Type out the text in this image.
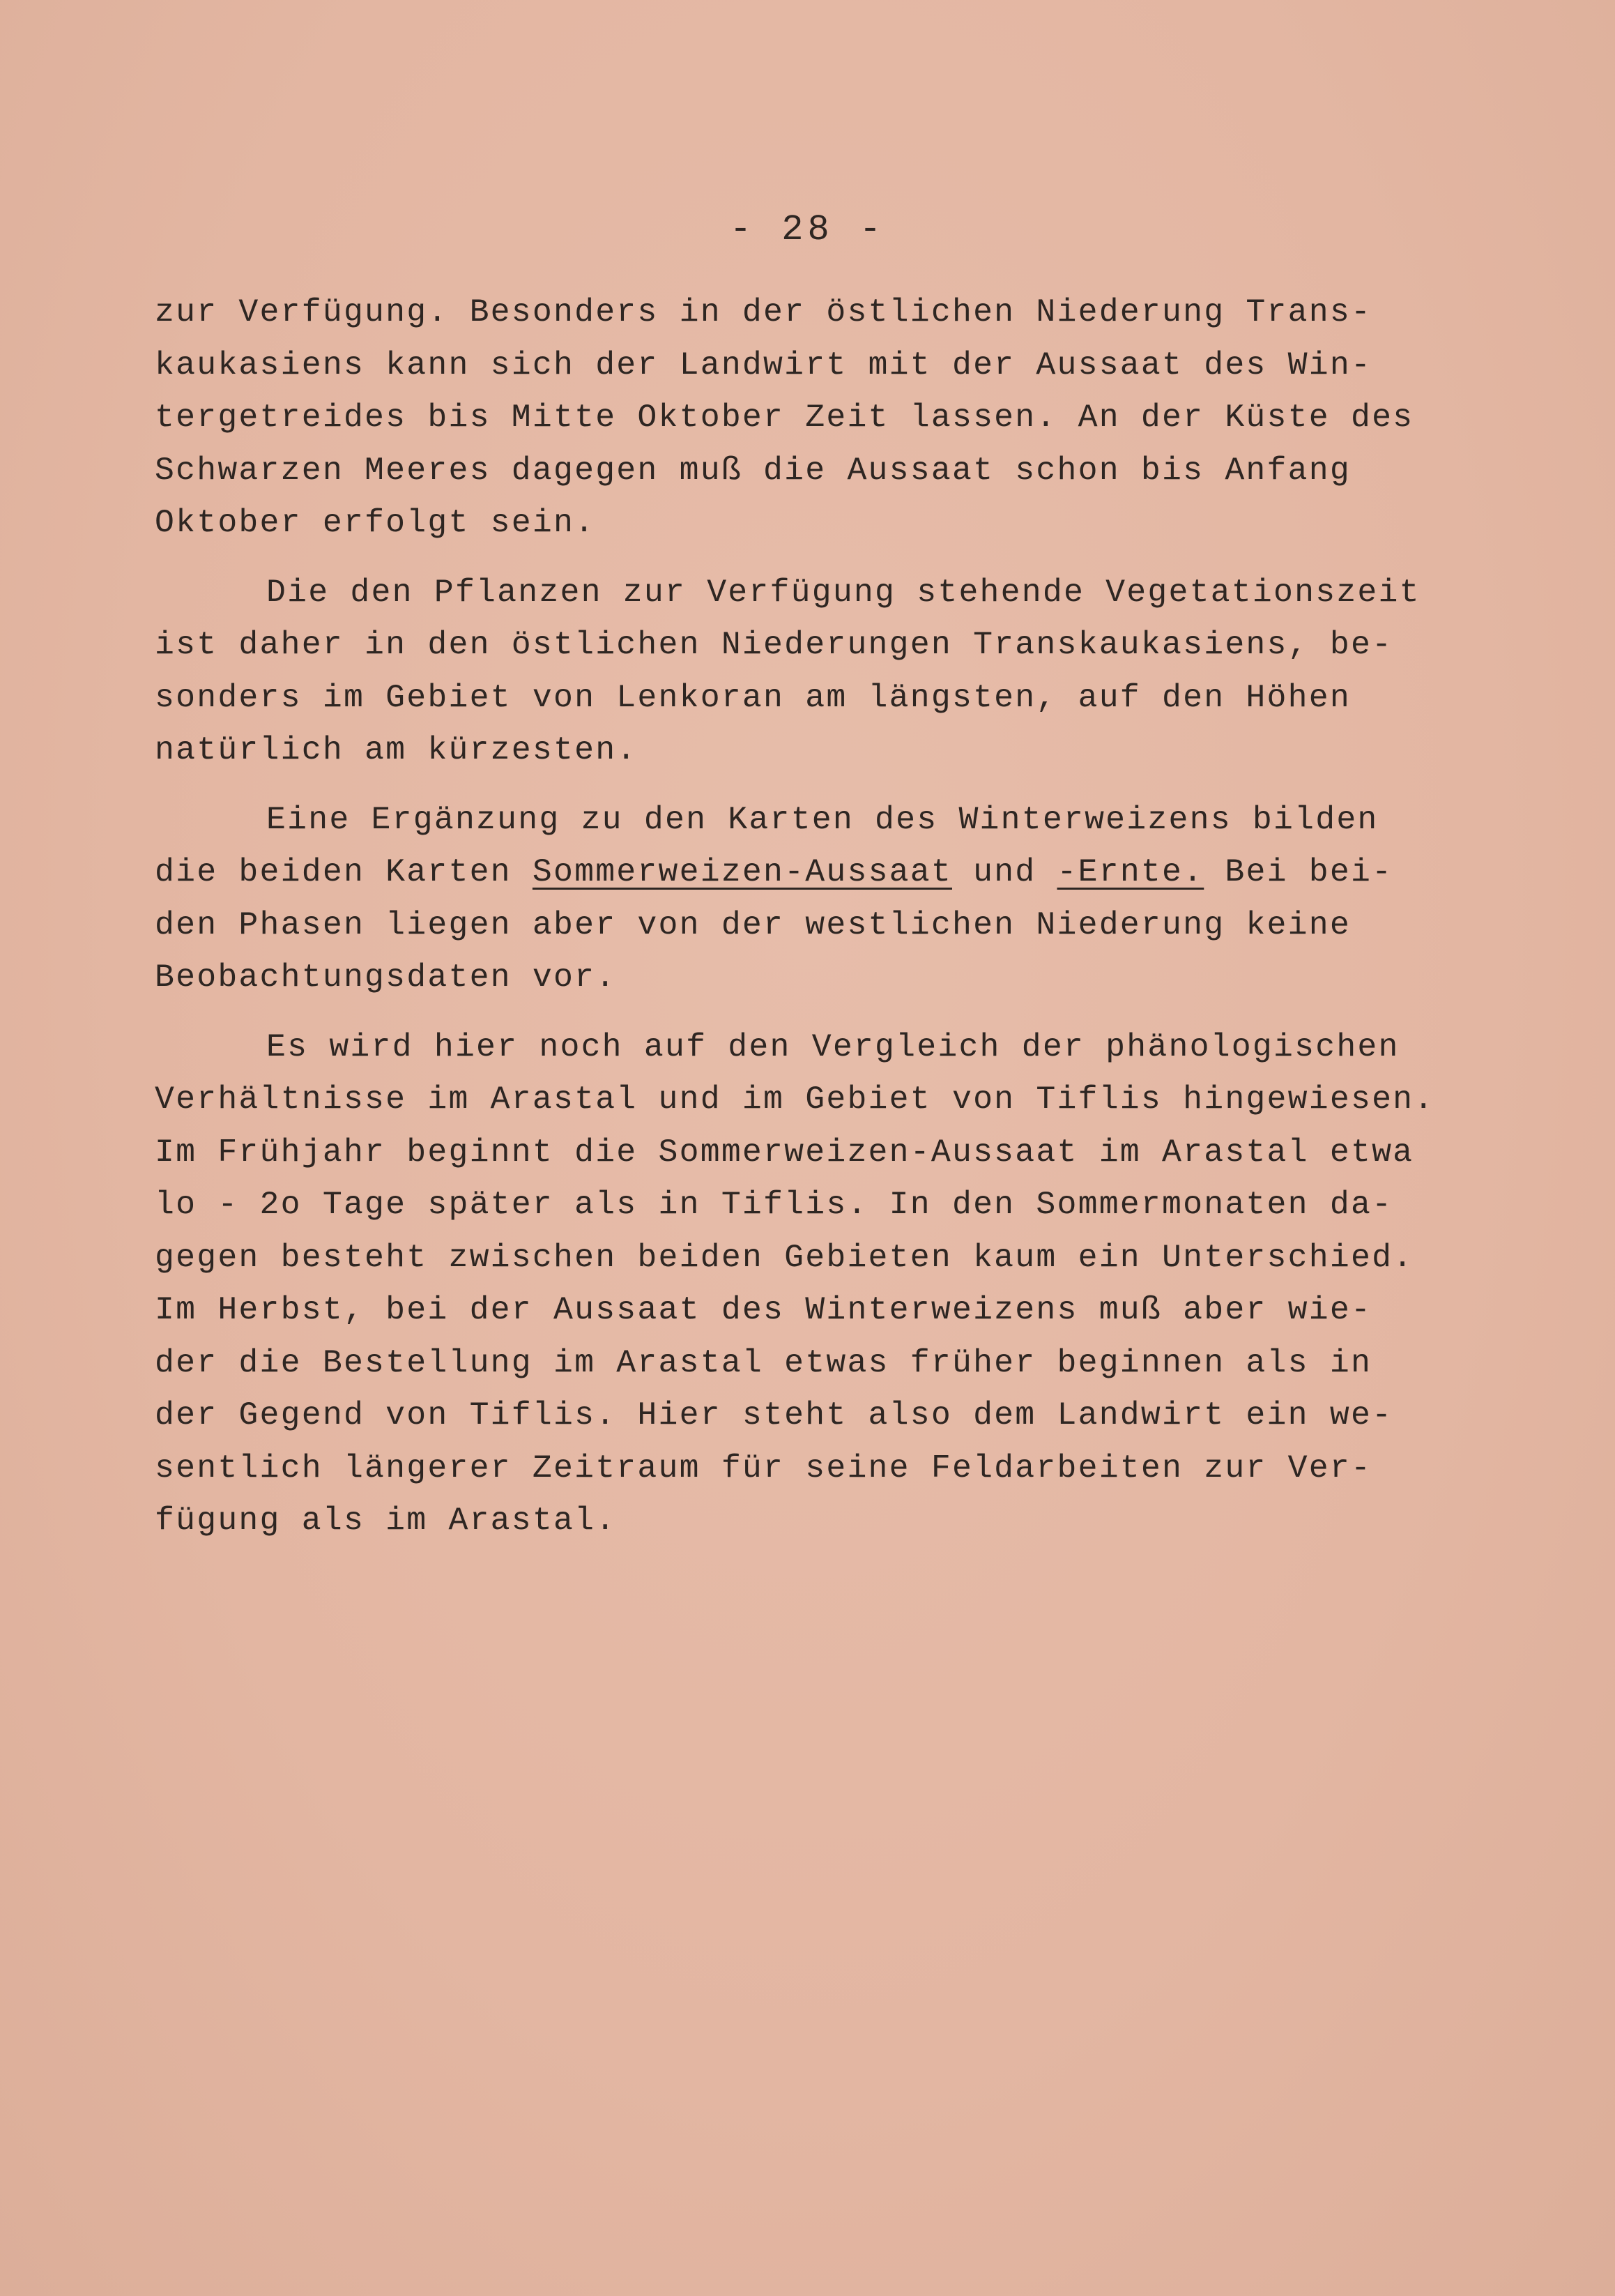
- 28 -
zur Verfügung. Besonders in der östlichen Niederung Trans-
kaukasiens kann sich der Landwirt mit der Aussaat des Win-
tergetreides bis Mitte Oktober Zeit lassen. An der Küste des
Schwarzen Meeres dagegen muß die Aussaat schon bis Anfang
Oktober erfolgt sein.
Die den Pflanzen zur Verfügung stehende Vegetationszeit
ist daher in den östlichen Niederungen Transkaukasiens, be-
sonders im Gebiet von Lenkoran am längsten, auf den Höhen
natürlich am kürzesten.
Eine Ergänzung zu den Karten des Winterweizens bilden
die beiden Karten Sommerweizen-Aussaat und -Ernte. Bei bei-
den Phasen liegen aber von der westlichen Niederung keine
Beobachtungsdaten vor.
Es wird hier noch auf den Vergleich der phänologischen
Verhältnisse im Arastal und im Gebiet von Tiflis hingewiesen.
Im Frühjahr beginnt die Sommerweizen-Aussaat im Arastal etwa
lo - 2o Tage später als in Tiflis. In den Sommermonaten da-
gegen besteht zwischen beiden Gebieten kaum ein Unterschied.
Im Herbst, bei der Aussaat des Winterweizens muß aber wie-
der die Bestellung im Arastal etwas früher beginnen als in
der Gegend von Tiflis. Hier steht also dem Landwirt ein we-
sentlich längerer Zeitraum für seine Feldarbeiten zur Ver-
fügung als im Arastal.
